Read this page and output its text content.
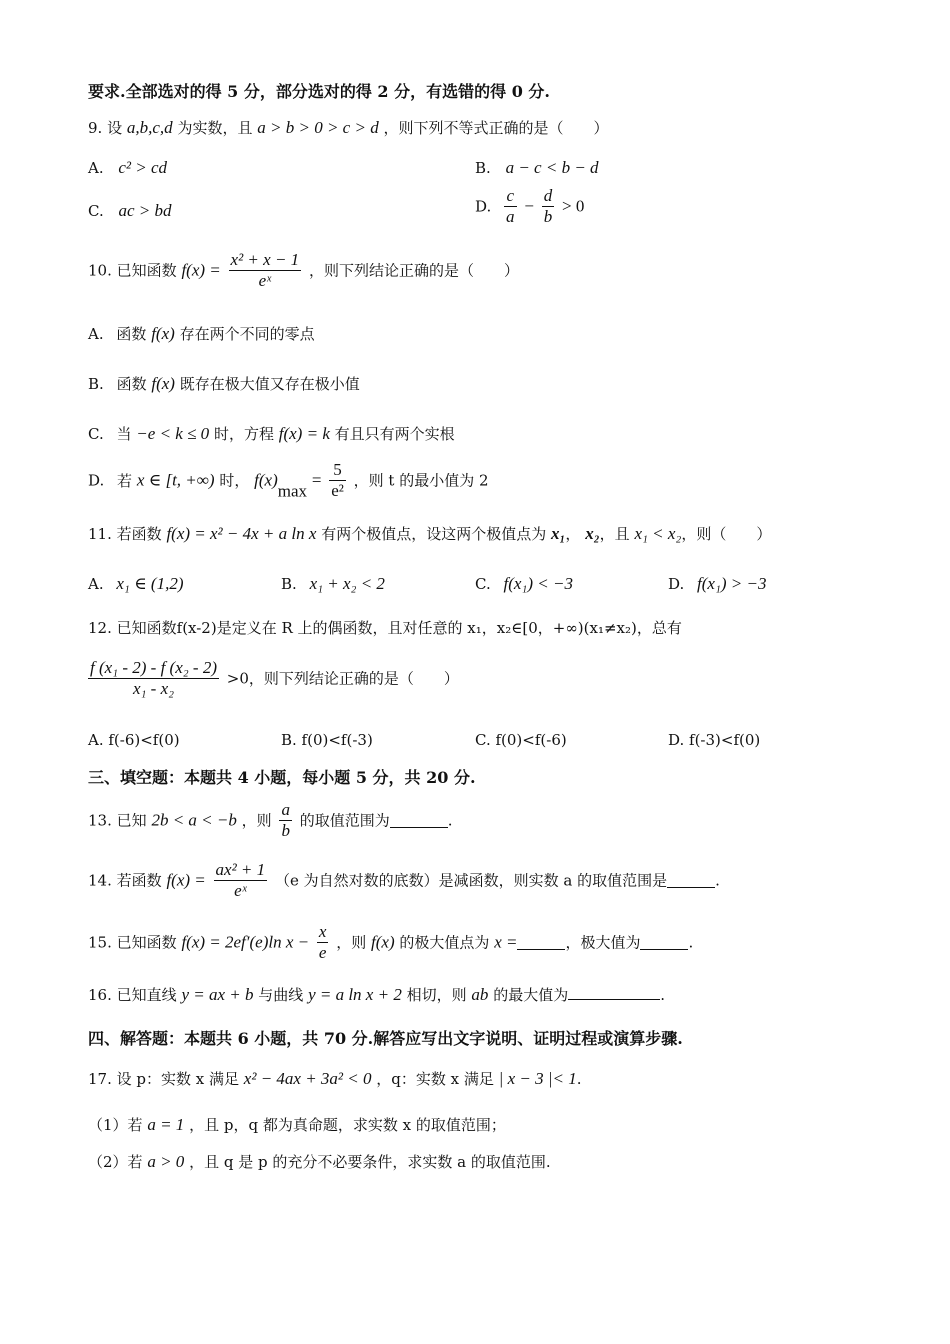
要求.全部选对的得 5 分，部分选对的得 2 分，有选错的得 0 分.
9. 设 a,b,c,d 为实数，且 a > b > 0 > c > d ，则下列不等式正确的是（　　）
A. c² > cd	B. a − c < b − d
C. ac > bd	D. $\frac{c}{a} - \frac{d}{b} > 0$
10. 已知函数 $f(x) = \frac{\text{x² + x − 1}}{\text{eˣ}}$ ，则下列结论正确的是（　　）
A. 函数 f(x) 存在两个不同的零点
B. 函数 f(x) 既存在极大值又存在极小值
C. 当 −e < k ≤ 0 时，方程 f(x) = k 有且只有两个实根
D. 若 x ∈ [t, +∞) 时， $f(x)_{max} = \frac{5}{\text{e²}}$ ，则 t 的最小值为 2
11. 若函数 f(x) = x² − 4x + a ln x 有两个极值点，设这两个极值点为 x₁， x₂，且 x₁ < x₂，则（　　）
A. x₁ ∈ (1,2)	B. x₁ + x₂ < 2	C. f(x₁) < −3	D. f(x₁) > −3
12. 已知函数f(x-2)是定义在 R 上的偶函数，且对任意的 x₁，x₂∈[0，+∞)(x₁≠x₂)，总有
$\frac{\text{f (x₁ - 2) - f (x₂ - 2)}}{\text{x₁ - x₂}} >0$，则下列结论正确的是（　　）
A. f(-6)<f(0)	B. f(0)<f(-3)	C. f(0)<f(-6)	D. f(-3)<f(0)
三、填空题：本题共 4 小题，每小题 5 分，共 20 分.
13. 已知 2b < a < −b ，则 $\frac{a}{b}$ 的取值范围为	.
14. 若函数 $f(x) = \frac{\text{ax² + 1}}{\text{eˣ}} (e$ 为自然对数的底数）是减函数，则实数 a 的取值范围是	.
15. 已知函数 f(x) = 2ef′(e)ln $x - \frac{x}{e}$ ，则 f(x) 的极大值点为 x =	，极大值为	.
16. 已知直线 y = ax + b 与曲线 y = a ln x + 2 相切，则 ab 的最大值为	.
四、解答题：本题共 6 小题，共 70 分.解答应写出文字说明、证明过程或演算步骤.
17. 设 p：实数 x 满足 x² − 4ax + 3a² < 0 ，q：实数 x 满足 | x − 3 |< 1.
（1）若 a = 1 ，且 p，q 都为真命题，求实数 x 的取值范围；
（2）若 a > 0 ，且 q 是 p 的充分不必要条件，求实数 a 的取值范围.
